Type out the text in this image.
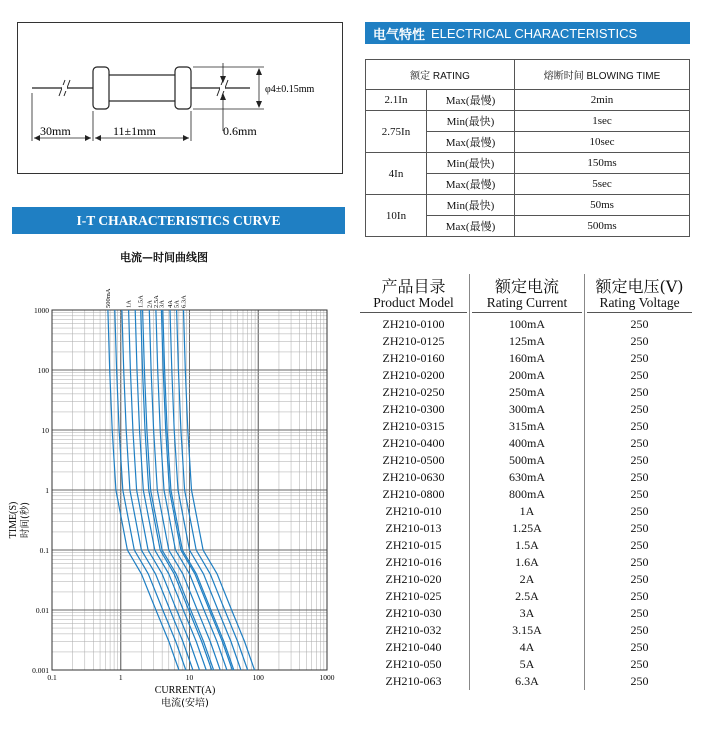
30mm	11±1mm	0.6mm
φ4±0.15mm
电气特性 ELECTRICAL CHARACTERISTICS
额定 RATING		熔断时间 BLOWING TIME
2.1In	Max(最慢)	2min
2.75In	Min(最快)	1sec
	Max(最慢)	10sec
4In	Min(最快)	150ms
	Max(最慢)	5sec
10In	Min(最快)	50ms
	Max(最慢)	500ms
I-T CHARACTERISTICS CURVE
电流—时间曲线图
0.1	1	10	100	1000
0.001
0.01
0.1
1
10
100
1000
500mA 1A 1.5A 2A 2.5A
3A 4A 5A 6.3A
CURRENT(A)
电流(安培)
TIME(S) 时间(秒)
产品目录
Product Model
额定电流
Rating Current
额定电压(V)
Rating Voltage
ZH210-0100	100mA	250
ZH210-0125	125mA	250
ZH210-0160	160mA	250
ZH210-0200	200mA	250
ZH210-0250	250mA	250
ZH210-0300	300mA	250
ZH210-0315	315mA	250
ZH210-0400	400mA	250
ZH210-0500	500mA	250
ZH210-0630	630mA	250
ZH210-0800	800mA	250
ZH210-010	1A	250
ZH210-013	1.25A	250
ZH210-015	1.5A	250
ZH210-016	1.6A	250
ZH210-020	2A	250
ZH210-025	2.5A	250
ZH210-030	3A	250
ZH210-032	3.15A	250
ZH210-040	4A	250
ZH210-050	5A	250
ZH210-063	6.3A	250
